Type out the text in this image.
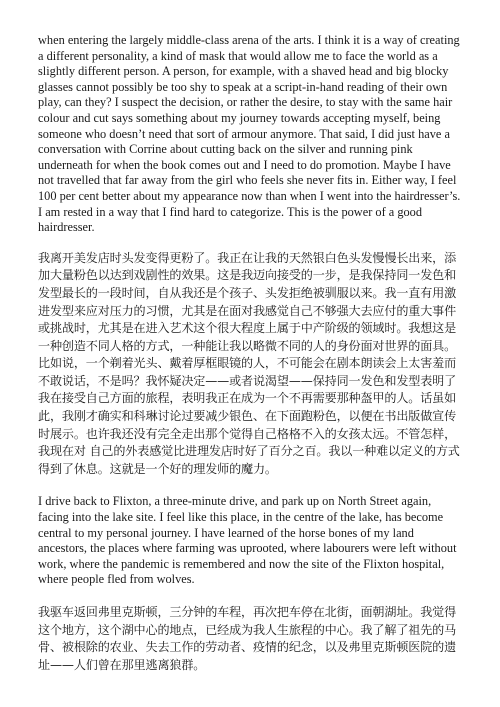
when entering the largely middle-class arena of the arts. I think it is a way of creating a different personality, a kind of mask that would allow me to face the world as a slightly different person. A person, for example, with a shaved head and big blocky glasses cannot possibly be too shy to speak at a script-in-hand reading of their own play, can they? I suspect the decision, or rather the desire, to stay with the same hair colour and cut says something about my journey towards accepting myself, being someone who doesn’t need that sort of armour anymore. That said, I did just have a conversation with Corrine about cutting back on the silver and running pink underneath for when the book comes out and I need to do promotion. Maybe I have not travelled that far away from the girl who feels she never fits in. Either way, I feel 100 per cent better about my appearance now than when I went into the hairdresser’s. I am rested in a way that I find hard to categorize. This is the power of a good hairdresser.

我离开美发店时头发变得更粉了。我正在让我的天然银白色头发慢慢长出来，添加大量粉色以达到戏剧性的效果。这是我迈向接受的一步，是我保持同一发色和发型最长的一段时间，自从我还是个孩子、头发拒绝被驯服以来。我一直有用激进发型来应对压力的习惯，尤其是在面对我感觉自己不够强大去应付的重大事件或挑战时，尤其是在进入艺术这个很大程度上属于中产阶级的领域时。我想这是一种创造不同人格的方式，一种能让我以略微不同的人的身份面对世界的面具。比如说，一个剃着光头、戴着厚框眼镜的人，不可能会在剧本朗读会上太害羞而不敢说话，不是吗？我怀疑决定——或者说渴望——保持同一发色和发型表明了我在接受自己方面的旅程，表明我正在成为一个不再需要那种盔甲的人。话虽如此，我刚才确实和科琳讨论过要减少银色、在下面跑粉色，以便在书出版做宣传时展示。也许我还没有完全走出那个觉得自己格格不入的女孩太远。不管怎样，我现在对 自己的外表感觉比进理发店时好了百分之百。我以一种难以定义的方式得到了休息。这就是一个好的理发师的魔力。

I drive back to Flixton, a three-minute drive, and park up on North Street again, facing into the lake site. I feel like this place, in the centre of the lake, has become central to my personal journey. I have learned of the horse bones of my land ancestors, the places where farming was uprooted, where labourers were left without work, where the pandemic is remembered and now the site of the Flixton hospital, where people fled from wolves.

我驱车返回弗里克斯顿，三分钟的车程，再次把车停在北街，面朝湖址。我觉得这个地方，这个湖中心的地点，已经成为我人生旅程的中心。我了解了祖先的马骨、被根除的农业、失去工作的劳动者、疫情的纪念，以及弗里克斯顿医院的遗址——人们曾在那里逃离狼群。
